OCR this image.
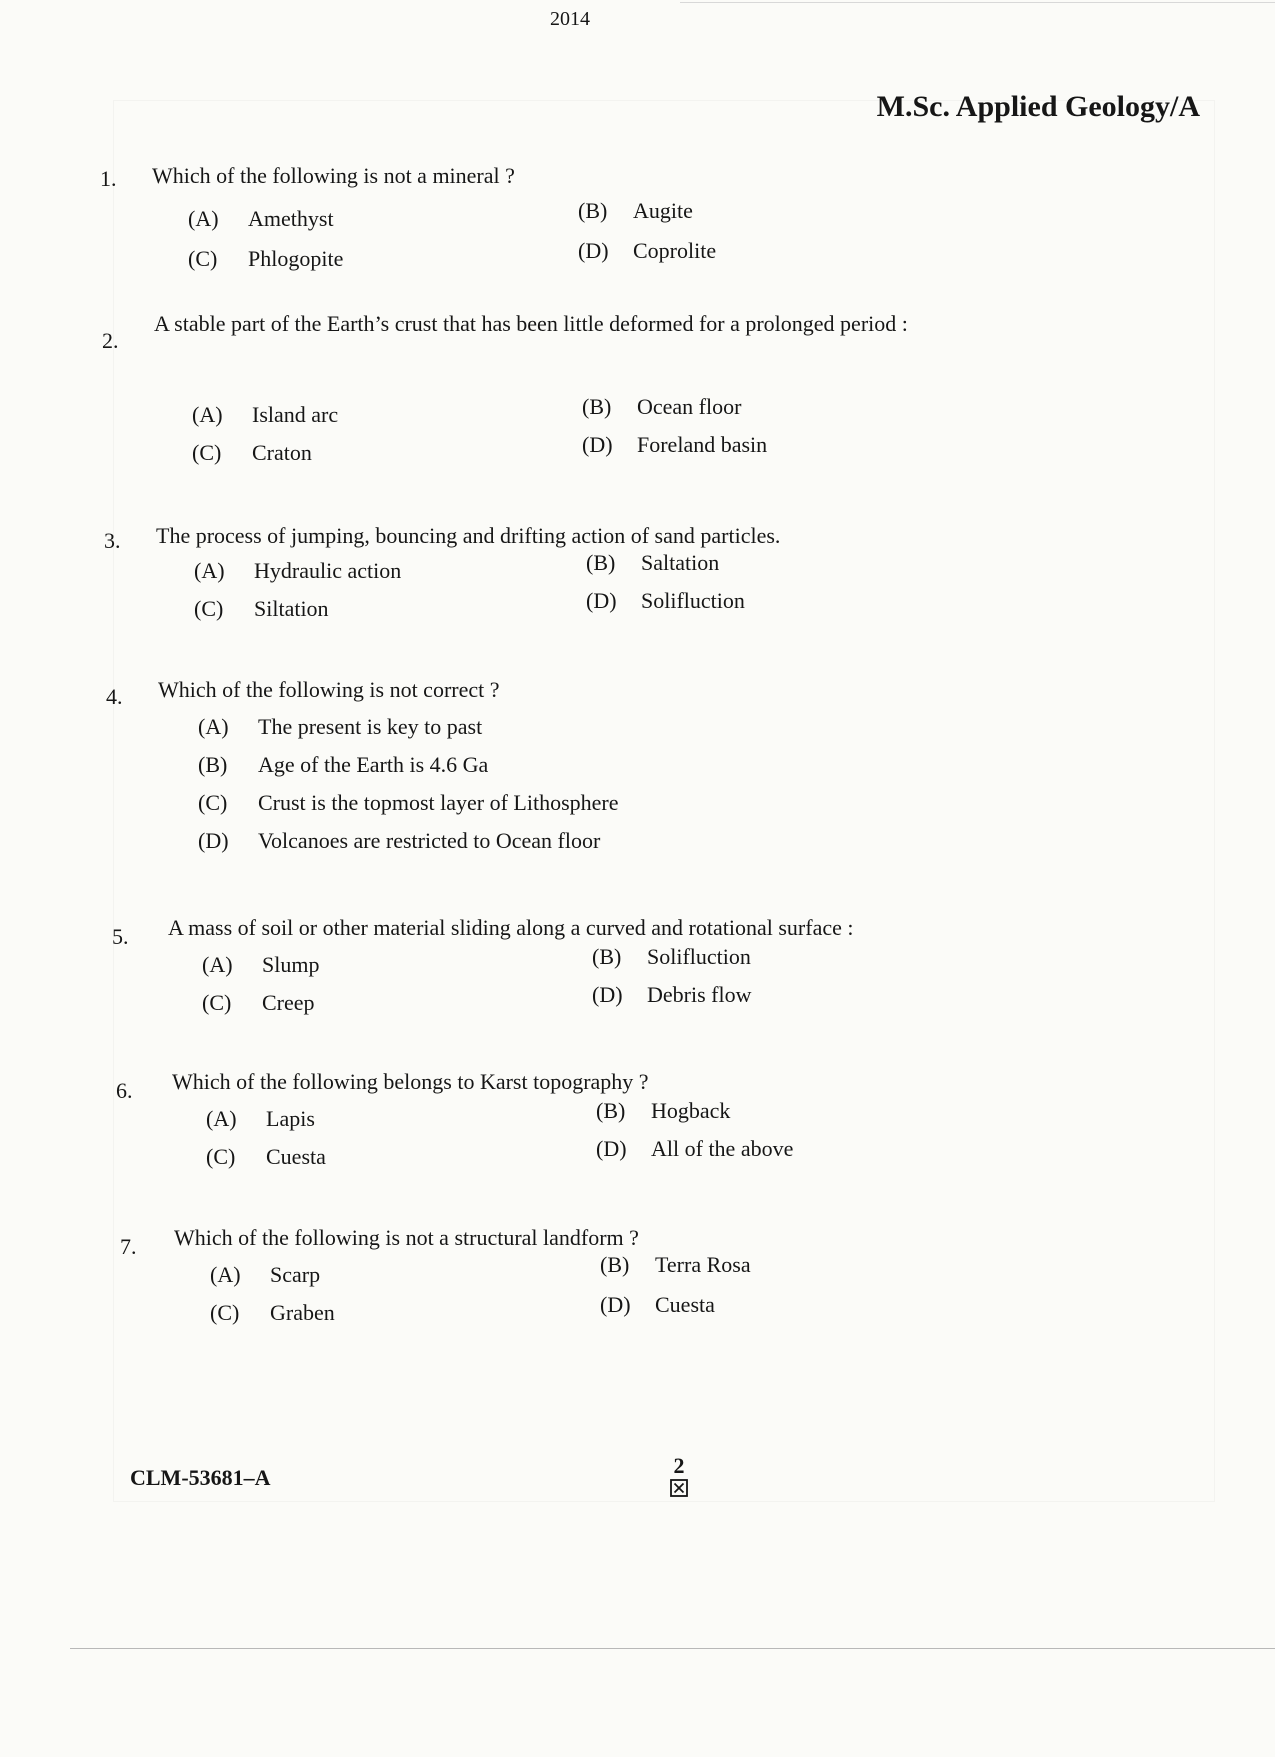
2014
M.Sc. Applied Geology/A
1.	Which of the following is not a mineral ?
(A) Amethyst	(B) Augite
(C) Phlogopite	(D) Coprolite
2.
A stable part of the Earth’s crust that has been little deformed for a prolonged period :
(A) Island arc	(B) Ocean floor
(C) Craton	(D) Foreland basin
3.	The process of jumping, bouncing and drifting action of sand particles.
(A) Hydraulic action	(B) Saltation
(C) Siltation	(D) Solifluction
4.	Which of the following is not correct ?
(A) The present is key to past
(B) Age of the Earth is 4.6 Ga
(C) Crust is the topmost layer of Lithosphere
(D) Volcanoes are restricted to Ocean floor
5.	A mass of soil or other material sliding along a curved and rotational surface :
(A) Slump	(B) Solifluction
(C) Creep	(D) Debris flow
6.	Which of the following belongs to Karst topography ?
(A) Lapis	(B) Hogback
(C) Cuesta	(D) All of the above
7.	Which of the following is not a structural landform ?
(A) Scarp	(B) Terra Rosa
(C) Graben	(D) Cuesta
CLM-53681–A	2
